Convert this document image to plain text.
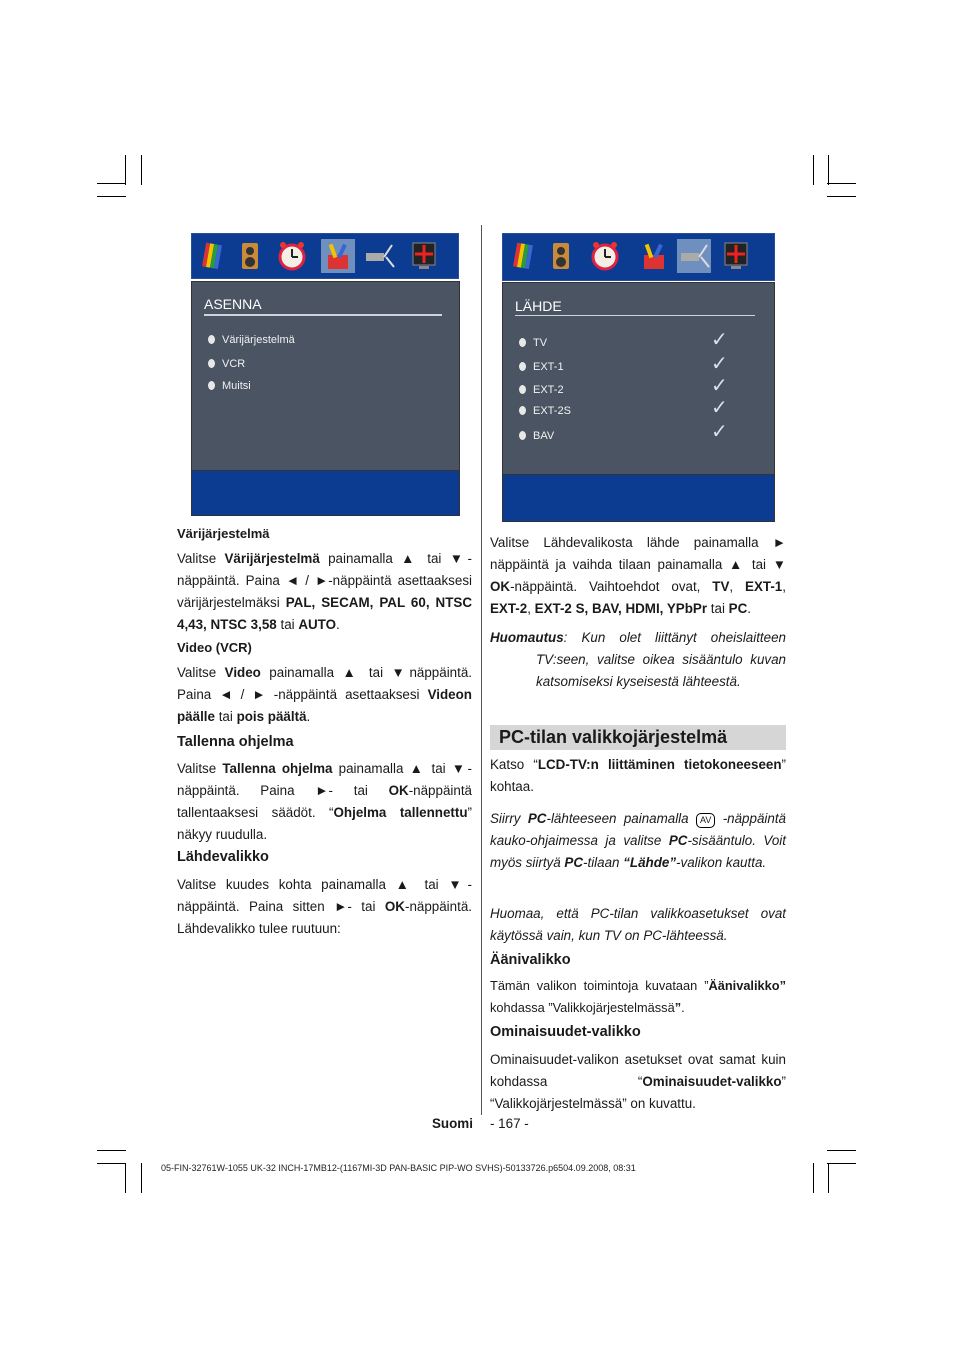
ASENNA
Värijärjestelmä
VCR
Muitsi
LÄHDE
TV
EXT-1
EXT-2
EXT-2S
BAV
✓
✓
✓
✓
✓
Värijärjestelmä
Valitse Värijärjestelmä painamalla ▲ tai ▼-näppäintä. Paina ◄ / ►-näppäintä asettaaksesi värijärjestelmäksi PAL, SECAM, PAL 60, NTSC 4,43, NTSC 3,58 tai AUTO.
Video (VCR)
Valitse Video painamalla ▲ tai ▼näppäintä. Paina ◄ / ► -näppäintä asettaaksesi Videon päälle tai pois päältä.
Tallenna ohjelma
Valitse Tallenna ohjelma painamalla ▲ tai ▼-näppäintä. Paina ►- tai OK-näppäintä tallentaaksesi säädöt. “Ohjelma tallennettu” näkyy ruudulla.
Lähdevalikko
Valitse kuudes kohta painamalla ▲ tai ▼-näppäintä. Paina sitten ►- tai OK-näppäintä. Lähdevalikko tulee ruutuun:
Valitse Lähdevalikosta lähde painamalla ► näppäintä ja vaihda tilaan painamalla ▲ tai ▼ OK-näppäintä. Vaihtoehdot ovat, TV, EXT-1, EXT-2, EXT-2 S, BAV, HDMI, YPbPr tai PC.
Huomautus: Kun olet liittänyt oheislaitteen TV:seen, valitse oikea sisääntulo kuvan katsomiseksi kyseisestä lähteestä.
PC-tilan valikkojärjestelmä
Katso “LCD-TV:n liittäminen tietokoneeseen” kohtaa.
Siirry PC-lähteeseen painamalla AV -näppäintä kauko-ohjaimessa ja valitse PC-sisääntulo. Voit myös siirtyä PC-tilaan “Lähde”-valikon kautta.
Huomaa, että PC-tilan valikkoasetukset ovat käytössä vain, kun TV on PC-lähteessä.
Äänivalikko
Tämän valikon toimintoja kuvataan ”Äänivalikko” kohdassa ”Valikkojärjestelmässä”.
Ominaisuudet-valikko
Ominaisuudet-valikon asetukset ovat samat kuin kohdassa “Ominaisuudet-valikko” “Valikkojärjestelmässä” on kuvattu.
Suomi - 167 -
05-FIN-32761W-1055 UK-32 INCH-17MB12-(1167MI-3D PAN-BASIC PIP-WO SVHS)-50133726.p6504.09.2008, 08:31
